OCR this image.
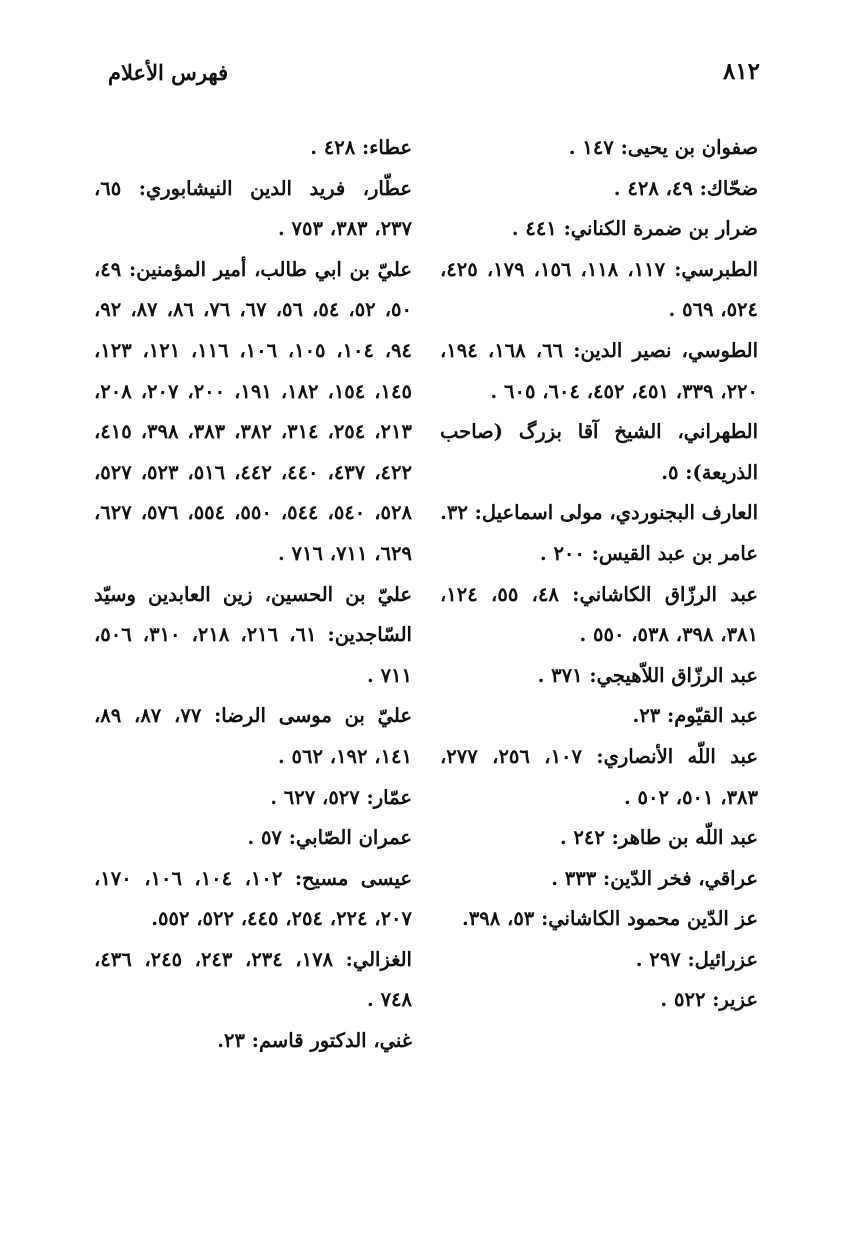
٨١٢
فهرس الأعلام

صفوان بن يحيى: ١٤٧ .

ضحّاك: ٤٩، ٤٢٨ .

ضرار بن ضمرة الكناني: ٤٤١ .

الطبرسي: ١١٧، ١١٨، ١٥٦، ١٧٩، ٤٢٥، ٥٢٤، ٥٦٩ .

الطوسي، نصير الدين: ٦٦، ١٦٨، ١٩٤، ٢٢٠، ٣٣٩، ٤٥١، ٤٥٢، ٦٠٤، ٦٠٥ .

الطهراني، الشيخ آقا بزرگ (صاحب الذريعة): ٥.

العارف البجنوردي، مولى اسماعيل: ٣٢.

عامر بن عبد القيس: ٢٠٠ .

عبد الرزّاق الكاشاني: ٤٨، ٥٥، ١٢٤، ٣٨١، ٣٩٨، ٥٣٨، ٥٥٠ .

عبد الرزّاق اللاّهيجي: ٣٧١ .

عبد القيّوم: ٢٣.

عبد اللّه الأنصاري: ١٠٧، ٢٥٦، ٢٧٧، ٣٨٣، ٥٠١، ٥٠٢ .

عبد اللّه بن طاهر: ٢٤٢ .

عراقي، فخر الدّين: ٣٣٣ .

عز الدّين محمود الكاشاني: ٥٣، ٣٩٨.

عزرائيل: ٢٩٧ .

عزير: ٥٢٢ .

عطاء: ٤٢٨ .

عطّار، فريد الدين النيشابوري: ٦٥، ٢٣٧، ٣٨٣، ٧٥٣ .

عليّ بن ابي طالب، أمير المؤمنين: ٤٩، ٥٠، ٥٢، ٥٤، ٥٦، ٦٧، ٧٦، ٨٦، ٨٧، ٩٢، ٩٤، ١٠٤، ١٠٥، ١٠٦، ١١٦، ١٢١، ١٢٣، ١٤٥، ١٥٤، ١٨٢، ١٩١، ٢٠٠، ٢٠٧، ٢٠٨، ٢١٣، ٢٥٤، ٣١٤، ٣٨٢، ٣٨٣، ٣٩٨، ٤١٥، ٤٢٢، ٤٣٧، ٤٤٠، ٤٤٢، ٥١٦، ٥٢٣، ٥٢٧، ٥٢٨، ٥٤٠، ٥٤٤، ٥٥٠، ٥٥٤، ٥٧٦، ٦٢٧، ٦٢٩، ٧١١، ٧١٦ .

عليّ بن الحسين، زين العابدين وسيّد السّاجدين: ٦١، ٢١٦، ٢١٨، ٣١٠، ٥٠٦، ٧١١ .

عليّ بن موسى الرضا: ٧٧، ٨٧، ٨٩، ١٤١، ١٩٢، ٥٦٢ .

عمّار: ٥٢٧، ٦٢٧ .

عمران الصّابي: ٥٧ .

عيسى مسيح: ١٠٢، ١٠٤، ١٠٦، ١٧٠، ٢٠٧، ٢٢٤، ٢٥٤، ٤٤٥، ٥٢٢، ٥٥٢.

الغزالي: ١٧٨، ٢٣٤، ٢٤٣، ٢٤٥، ٤٣٦، ٧٤٨ .

غني، الدكتور قاسم: ٢٣.
